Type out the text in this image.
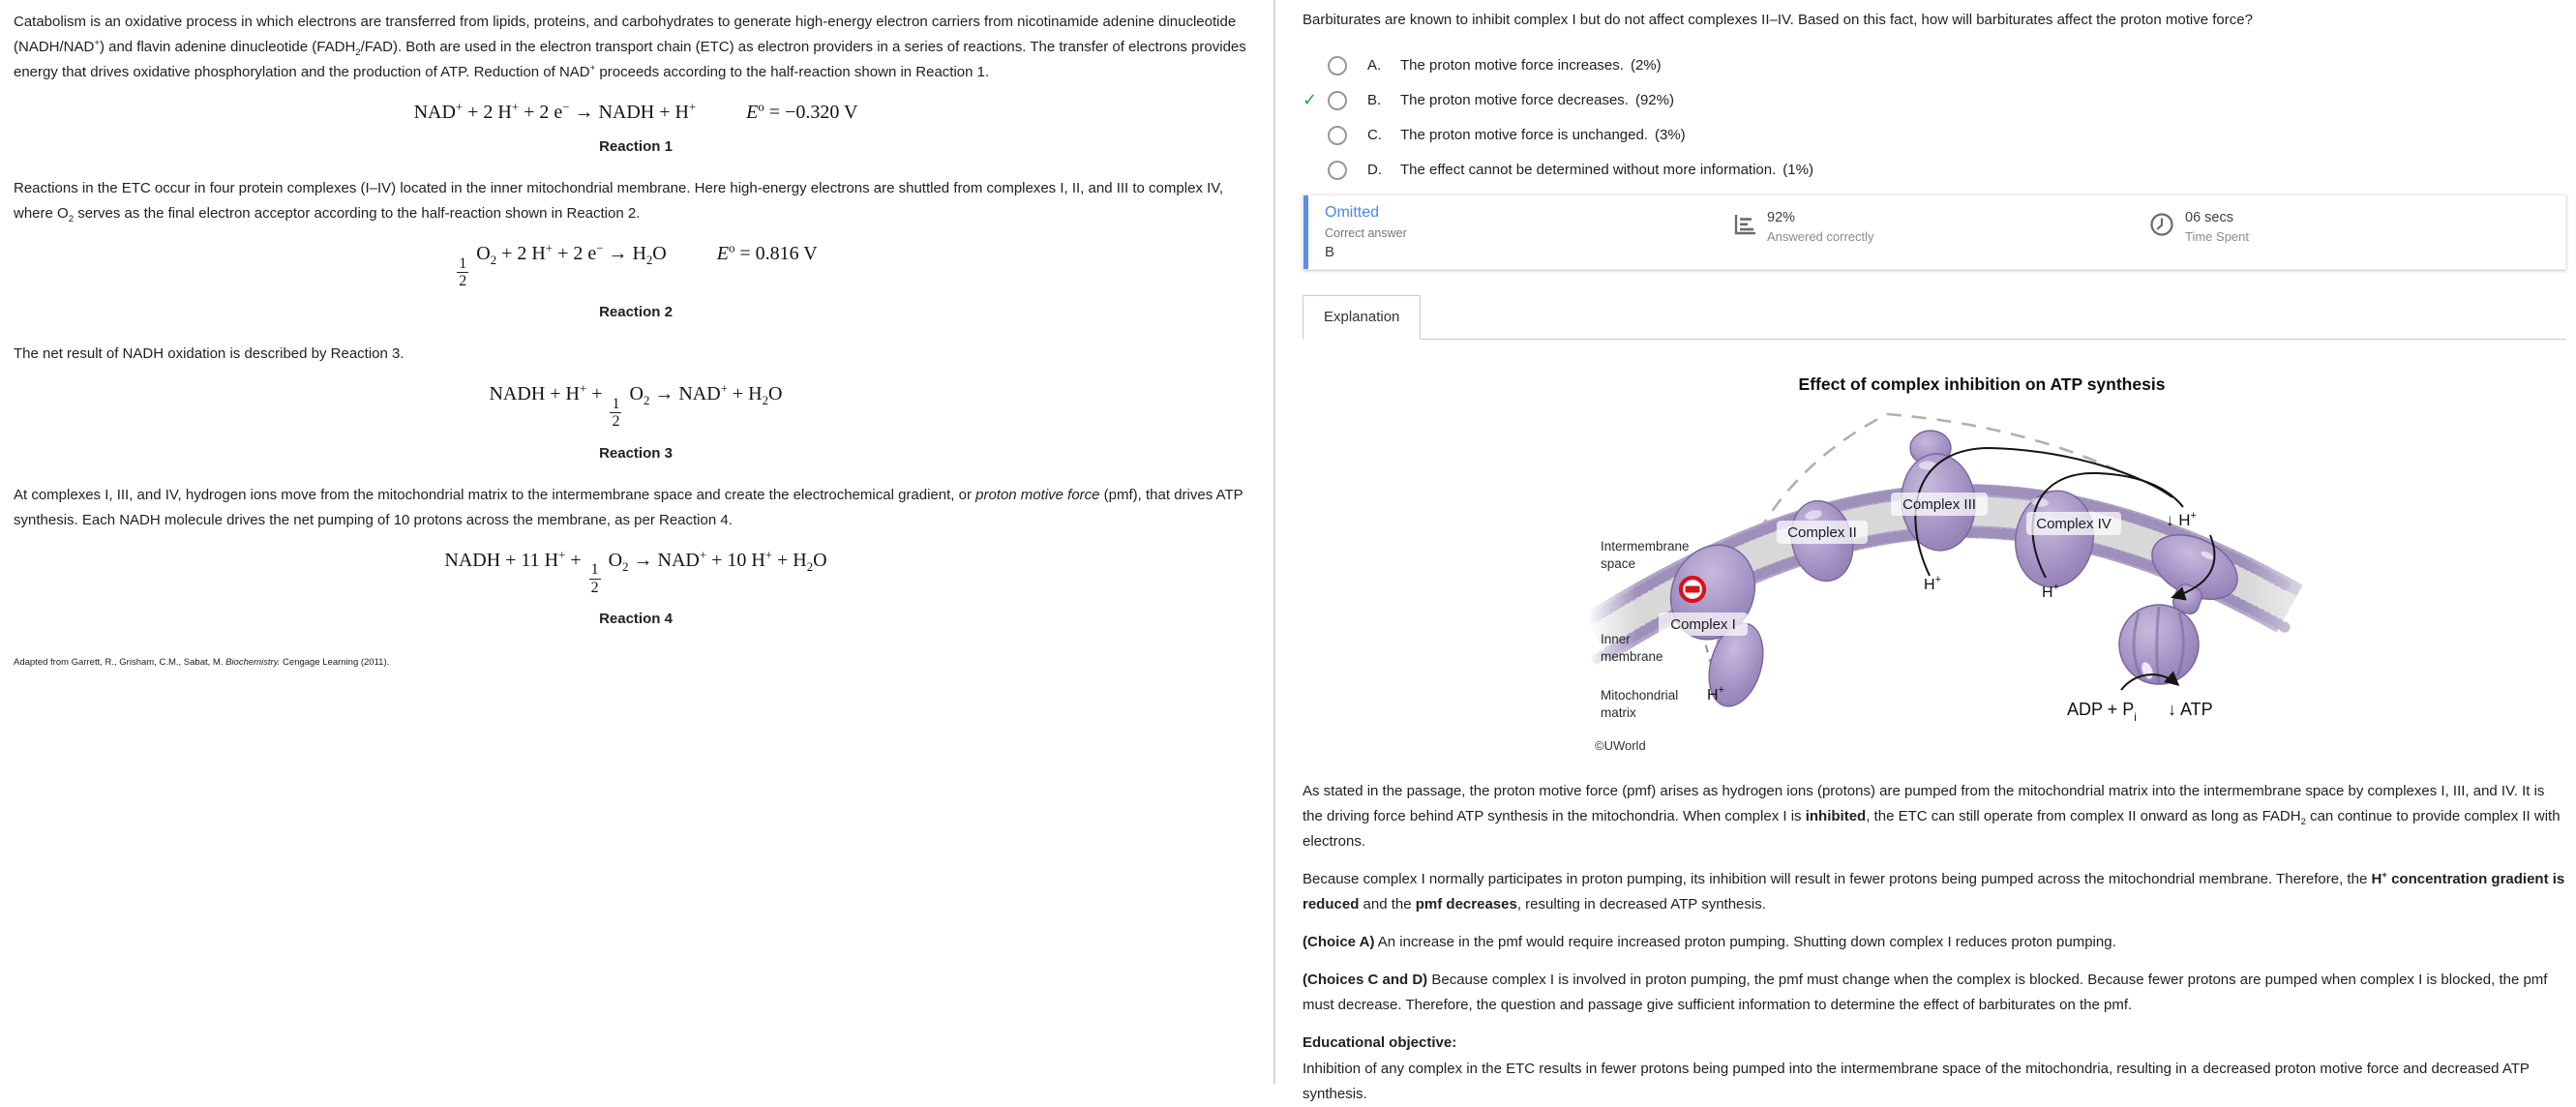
Catabolism is an oxidative process in which electrons are transferred from lipids, proteins, and carbohydrates to generate high-energy electron carriers from nicotinamide adenine dinucleotide (NADH/NAD+) and flavin adenine dinucleotide $(FADH_2/FAD)$. Both are used in the electron transport chain (ETC) as electron providers in a series of reactions. The transfer of electrons provides energy that drives oxidative phosphorylation and the production of ATP. Reduction of NAD+ proceeds according to the half-reaction shown in Reaction 1.

NAD+ + 2 H+ + 2 e− → NADH + H+	$E^o = -0.320$ V
Reaction 1

Reactions in the ETC occur in four protein complexes (I–IV) located in the inner mitochondrial membrane. Here high-energy electrons are shuttled from complexes I, II, and III to complex IV, where $O_2$ serves as the final electron acceptor according to the half-reaction shown in Reaction 2.

$\frac{1}{2}$
$O_2 + 2$ H+ + 2 $e^- \to H_2O$	$E^o = 0.816$ V
Reaction 2

The net result of NADH oxidation is described by Reaction 3.

NADH + H+ +
$\frac{1}{2}$
$O_2 \to NAD^+ + H_2O$
Reaction 3

At complexes I, III, and IV, hydrogen ions move from the mitochondrial matrix to the intermembrane space and create the electrochemical gradient, or proton motive force (pmf), that drives ATP synthesis. Each NADH molecule drives the net pumping of 10 protons across the membrane, as per Reaction 4.

NADH + 11 H+ +
$\frac{1}{2}$
$O_2 \to NAD^+ + 10$ $H^+ + H_2O$
Reaction 4

Adapted from Garrett, R., Grisham, C.M., Sabat, M. Biochemistry. Cengage Learning (2011).

Barbiturates are known to inhibit complex I but do not affect complexes II–IV. Based on this fact, how will barbiturates affect the proton motive force?

A.	The proton motive force increases. (2%)
✓	B.	The proton motive force decreases. (92%)
C.	The proton motive force is unchanged. (3%)
D.	The effect cannot be determined without more information. (1%)
Omitted
Correct answer
B
92%
Answered correctly
06 secs
Time Spent
Explanation
Effect of complex inhibition on ATP synthesis
Complex I
Complex II
Complex III
Complex IV
H+
H+
H+
↓ H+
ADP + $P_i$ ↓ ATP
Intermembrane
space
Inner
membrane
Mitochondrial
matrix
©UWorld

As stated in the passage, the proton motive force (pmf) arises as hydrogen ions (protons) are pumped from the mitochondrial matrix into the intermembrane space by complexes I, III, and IV. It is the driving force behind ATP synthesis in the mitochondria. When complex I is inhibited, the ETC can still operate from complex II onward as long as $FADH_2$ can continue to provide complex II with electrons.

Because complex I normally participates in proton pumping, its inhibition will result in fewer protons being pumped across the mitochondrial membrane. Therefore, the H+ concentration gradient is reduced and the pmf decreases, resulting in decreased ATP synthesis.

(Choice A) An increase in the pmf would require increased proton pumping. Shutting down complex I reduces proton pumping.

(Choices C and D) Because complex I is involved in proton pumping, the pmf must change when the complex is blocked. Because fewer protons are pumped when complex I is blocked, the pmf must decrease. Therefore, the question and passage give sufficient information to determine the effect of barbiturates on the pmf.

Educational objective:

Inhibition of any complex in the ETC results in fewer protons being pumped into the intermembrane space of the mitochondria, resulting in a decreased proton motive force and decreased ATP synthesis.
